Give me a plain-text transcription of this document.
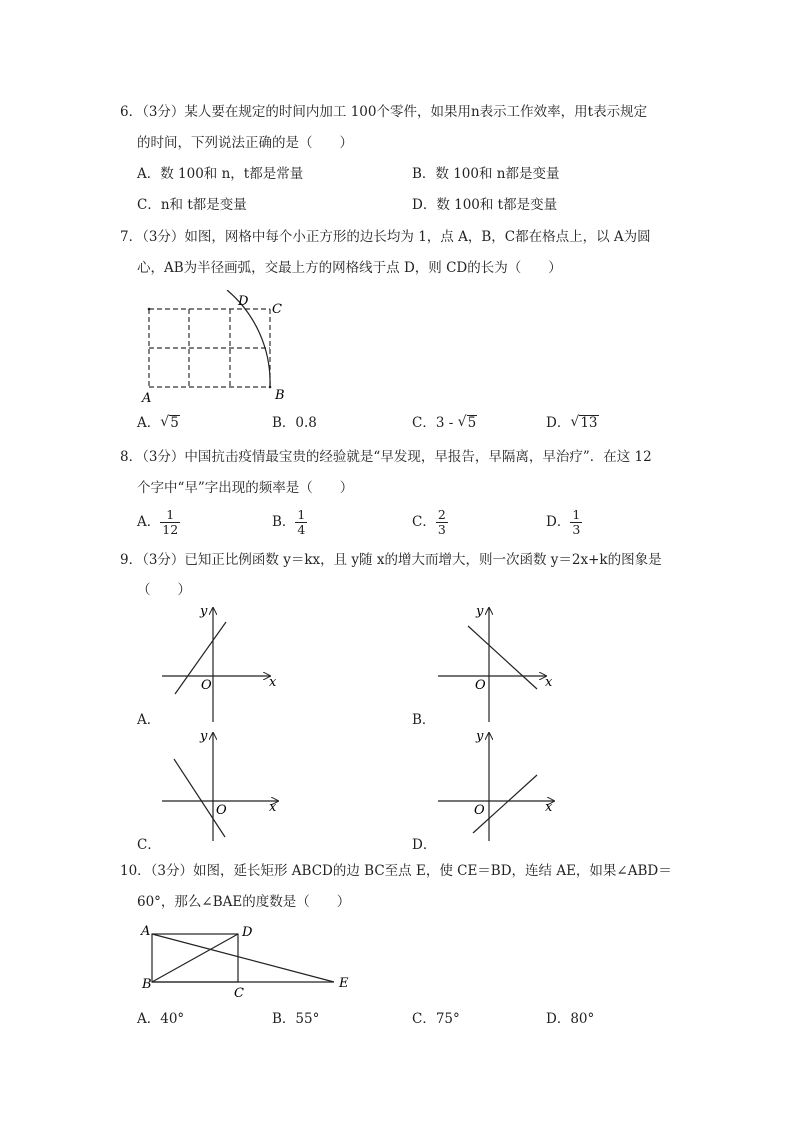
6．（3分）某人要在规定的时间内加工 100个零件，如果用n表示工作效率，用t表示规定
的时间，下列说法正确的是（　　）
A．数 100和 n，t都是常量	B．数 100和 n都是变量
C．n和 t都是变量	D．数 100和 t都是变量
7．（3分）如图，网格中每个小正方形的边长均为 1，点 A，B，C都在格点上，以 A为圆
心，AB为半径画弧，交最上方的网格线于点 D，则 CD的长为（　　）
A	B
C
D
A． √ 5	B．0.8	C．3 - √ 5	D． √ 13
8．（3分）中国抗击疫情最宝贵的经验就是“早发现，早报告，早隔离，早治疗”．在这 12
个字中“早”字出现的频率是（　　）
A． $\frac{1}{12}$	B． $\frac{1}{4}$	C． $\frac{2}{3}$	D． $\frac{1}{3}$
9．（3分）已知正比例函数 y＝kx，且 y随 x的增大而增大，则一次函数 y＝2x+k的图象是
（　　）
y
x
O
A．
y
x
O
B．
y
x
O
C．
y
x
O
D．
10．（3分）如图，延长矩形 ABCD的边 BC至点 E，使 CE＝BD，连结 AE，如果∠ABD＝
60°，那么∠BAE的度数是（　　）
A
B
C
D
E
A．40°	B．55°	C．75°	D．80°
